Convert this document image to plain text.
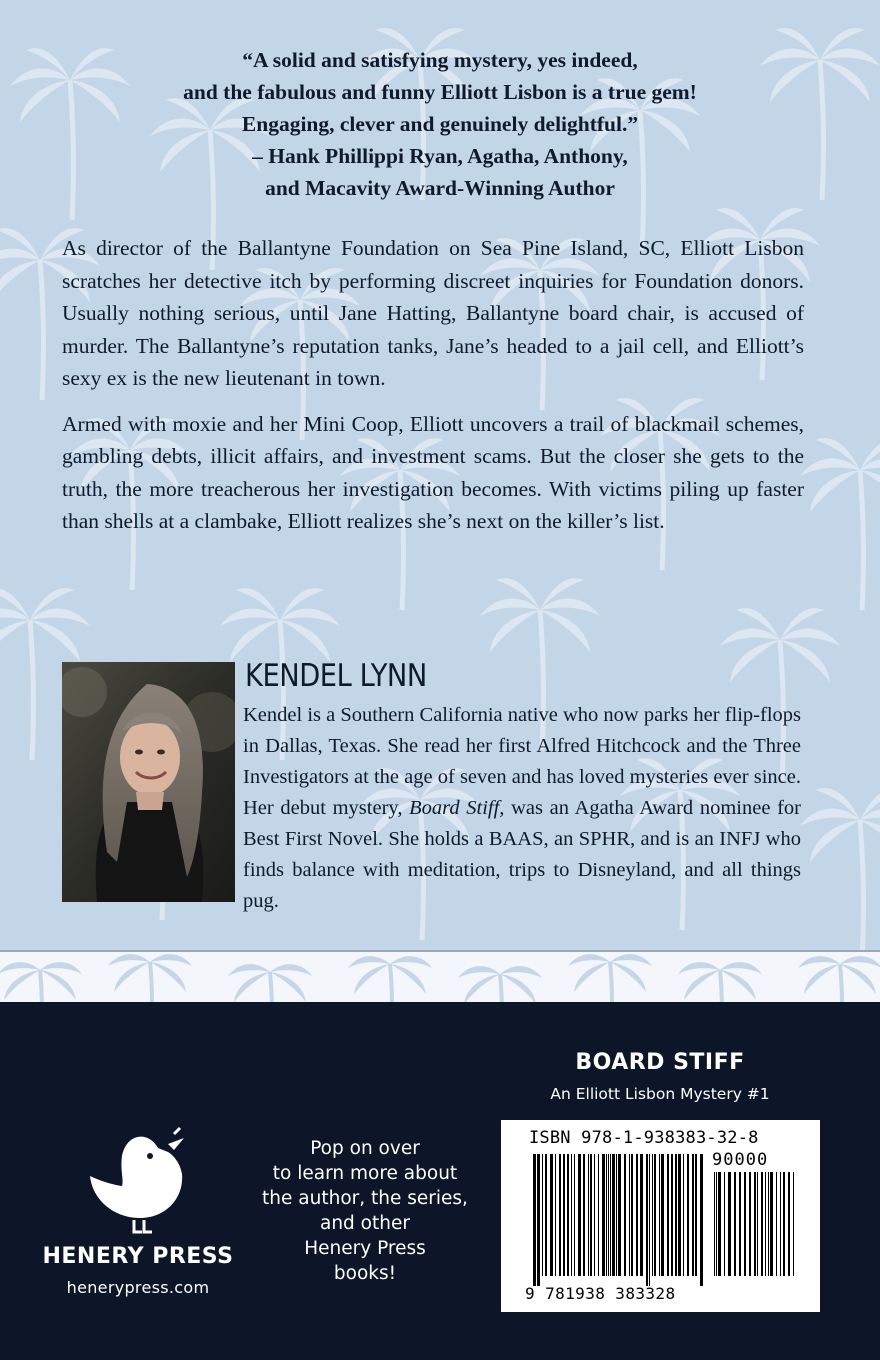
“A solid and satisfying mystery, yes indeed,
and the fabulous and funny Elliott Lisbon is a true gem!
Engaging, clever and genuinely delightful.”
– Hank Phillippi Ryan, Agatha, Anthony,
and Macavity Award-Winning Author

As director of the Ballantyne Foundation on Sea Pine Island, SC, Elliott Lisbon scratches her detective itch by performing discreet inquiries for Foundation donors. Usually nothing serious, until Jane Hatting, Ballantyne board chair, is accused of murder. The Ballantyne’s reputation tanks, Jane’s headed to a jail cell, and Elliott’s sexy ex is the new lieutenant in town.

Armed with moxie and her Mini Coop, Elliott uncovers a trail of blackmail schemes, gambling debts, illicit affairs, and investment scams. But the closer she gets to the truth, the more treacherous her investigation becomes. With victims piling up faster than shells at a clambake, Elliott realizes she’s next on the killer’s list.

KENDEL LYNN
Kendel is a Southern California native who now parks her flip-flops in Dallas, Texas. She read her first Alfred Hitchcock and the Three Investigators at the age of seven and has loved mysteries ever since. Her debut mystery, Board Stiff, was an Agatha Award nominee for Best First Novel. She holds a BAAS, an SPHR, and is an INFJ who finds balance with meditation, trips to Disneyland, and all things pug.
HENERY PRESS
henerypress.com
Pop on over
to learn more about
the author, the series,
and other
Henery Press
books!
BOARD STIFF
An Elliott Lisbon Mystery #1
ISBN 978-1-938383-32-8
90000
9 781938 383328
